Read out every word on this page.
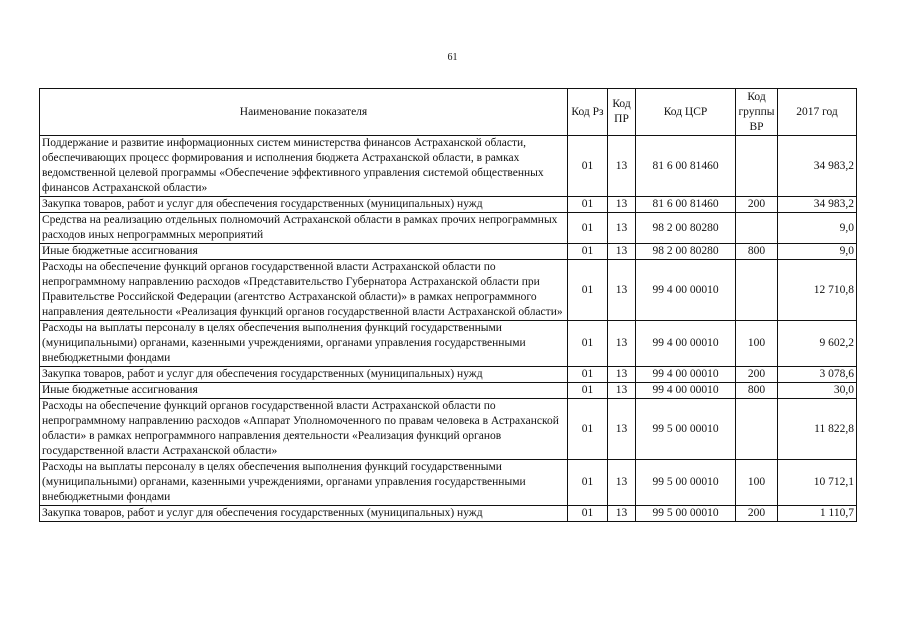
61
Наименование показателя	Код Рз	Код ПР	Код ЦСР	Код группы ВР	2017 год
Поддержание и развитие информационных систем министерства финансов Астраханской области, обеспечивающих процесс формирования и исполнения бюджета Астраханской области, в рамках ведомственной целевой программы «Обеспечение эффективного управления системой общественных финансов Астраханской области»	01	13	81 6 00 81460		34 983,2
Закупка товаров, работ и услуг для обеспечения государственных (муниципальных) нужд	01	13	81 6 00 81460	200	34 983,2
Средства на реализацию отдельных полномочий Астраханской области в рамках прочих непрограммных расходов иных непрограммных мероприятий	01	13	98 2 00 80280		9,0
Иные бюджетные ассигнования	01	13	98 2 00 80280	800	9,0
Расходы на обеспечение функций органов государственной власти Астраханской области по непрограммному направлению расходов «Представительство Губернатора Астраханской области при Правительстве Российской Федерации (агентство Астраханской области)» в рамках непрограммного направления деятельности «Реализация функций органов государственной власти Астраханской области»	01	13	99 4 00 00010		12 710,8
Расходы на выплаты персоналу в целях обеспечения выполнения функций государственными (муниципальными) органами, казенными учреждениями, органами управления государственными внебюджетными фондами	01	13	99 4 00 00010	100	9 602,2
Закупка товаров, работ и услуг для обеспечения государственных (муниципальных) нужд	01	13	99 4 00 00010	200	3 078,6
Иные бюджетные ассигнования	01	13	99 4 00 00010	800	30,0
Расходы на обеспечение функций органов государственной власти Астраханской области по непрограммному направлению расходов «Аппарат Уполномоченного по правам человека в Астраханской области» в рамках непрограммного направления деятельности «Реализация функций органов государственной власти Астраханской области»	01	13	99 5 00 00010		11 822,8
Расходы на выплаты персоналу в целях обеспечения выполнения функций государственными (муниципальными) органами, казенными учреждениями, органами управления государственными внебюджетными фондами	01	13	99 5 00 00010	100	10 712,1
Закупка товаров, работ и услуг для обеспечения государственных (муниципальных) нужд	01	13	99 5 00 00010	200	1 110,7
